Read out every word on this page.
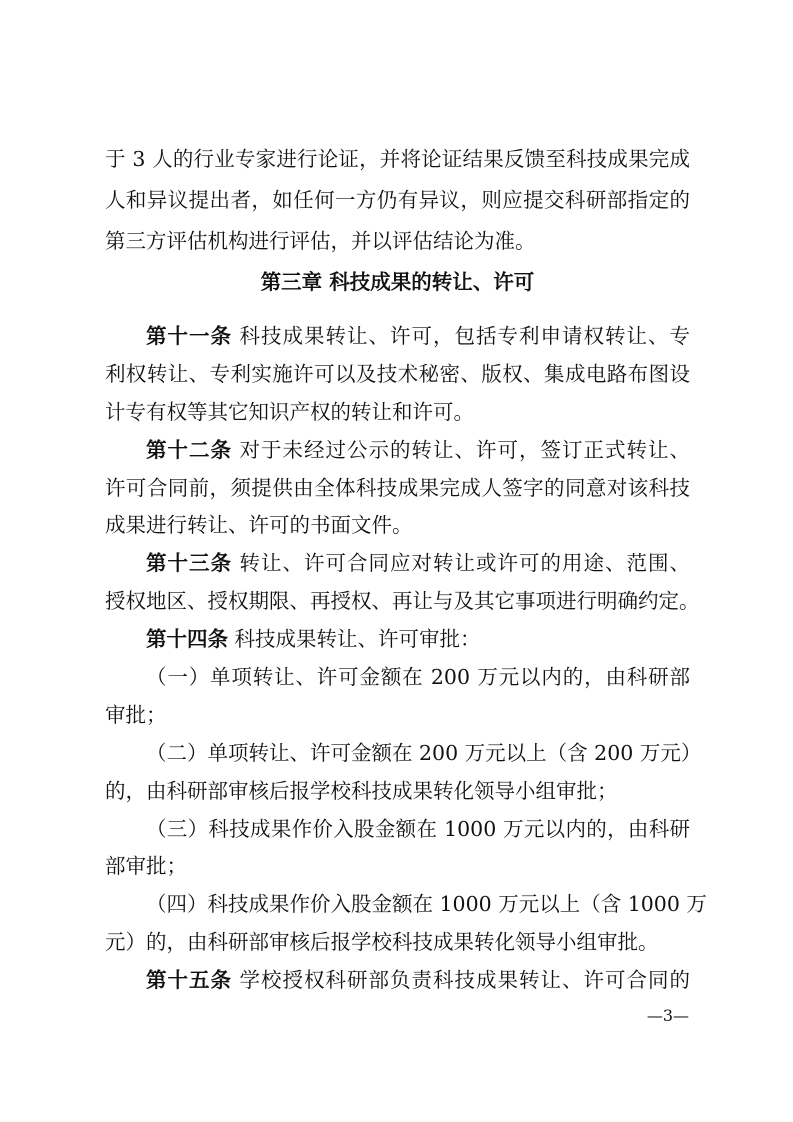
于 3 人的行业专家进行论证，并将论证结果反馈至科技成果完成
人和异议提出者，如任何一方仍有异议，则应提交科研部指定的
第三方评估机构进行评估，并以评估结论为准。
第三章 科技成果的转让、许可
第十一条 科技成果转让、许可，包括专利申请权转让、专
利权转让、专利实施许可以及技术秘密、版权、集成电路布图设
计专有权等其它知识产权的转让和许可。
第十二条 对于未经过公示的转让、许可，签订正式转让、
许可合同前，须提供由全体科技成果完成人签字的同意对该科技
成果进行转让、许可的书面文件。
第十三条 转让、许可合同应对转让或许可的用途、范围、
授权地区、授权期限、再授权、再让与及其它事项进行明确约定。
第十四条 科技成果转让、许可审批：
（一）单项转让、许可金额在 200 万元以内的，由科研部
审批；
（二）单项转让、许可金额在 200 万元以上（含 200 万元）
的，由科研部审核后报学校科技成果转化领导小组审批；
（三）科技成果作价入股金额在 1000 万元以内的，由科研
部审批；
（四）科技成果作价入股金额在 1000 万元以上（含 1000 万
元）的，由科研部审核后报学校科技成果转化领导小组审批。
第十五条 学校授权科研部负责科技成果转让、许可合同的
—3—
